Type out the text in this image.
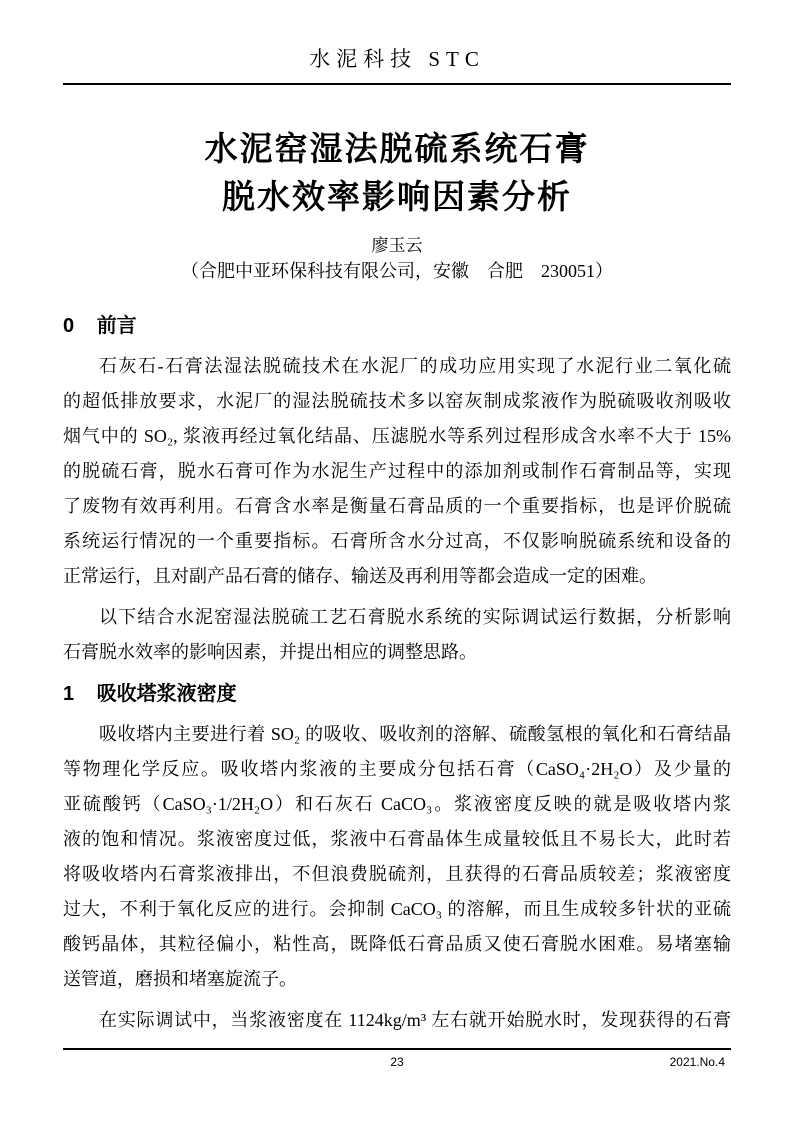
水泥科技 STC
水泥窑湿法脱硫系统石膏
脱水效率影响因素分析
廖玉云
（合肥中亚环保科技有限公司，安徽　合肥　230051）
0 前言
石灰石-石膏法湿法脱硫技术在水泥厂的成功应用实现了水泥行业二氧化硫
的超低排放要求，水泥厂的湿法脱硫技术多以窑灰制成浆液作为脱硫吸收剂吸收
烟气中的 SO₂, 浆液再经过氧化结晶、压滤脱水等系列过程形成含水率不大于 15%
的脱硫石膏，脱水石膏可作为水泥生产过程中的添加剂或制作石膏制品等，实现
了废物有效再利用。石膏含水率是衡量石膏品质的一个重要指标，也是评价脱硫
系统运行情况的一个重要指标。石膏所含水分过高，不仅影响脱硫系统和设备的
正常运行，且对副产品石膏的储存、输送及再利用等都会造成一定的困难。
以下结合水泥窑湿法脱硫工艺石膏脱水系统的实际调试运行数据，分析影响
石膏脱水效率的影响因素，并提出相应的调整思路。
1 吸收塔浆液密度
吸收塔内主要进行着 SO₂ 的吸收、吸收剂的溶解、硫酸氢根的氧化和石膏结晶
等物理化学反应。吸收塔内浆液的主要成分包括石膏（CaSO₄·2H₂O）及少量的
亚硫酸钙（CaSO₃·1/2H₂O）和石灰石 CaCO₃。浆液密度反映的就是吸收塔内浆
液的饱和情况。浆液密度过低，浆液中石膏晶体生成量较低且不易长大，此时若
将吸收塔内石膏浆液排出，不但浪费脱硫剂，且获得的石膏品质较差；浆液密度
过大，不利于氧化反应的进行。会抑制 CaCO₃ 的溶解，而且生成较多针状的亚硫
酸钙晶体，其粒径偏小，粘性高，既降低石膏品质又使石膏脱水困难。易堵塞输
送管道，磨损和堵塞旋流子。
在实际调试中，当浆液密度在 1124kg/m³ 左右就开始脱水时，发现获得的石膏
23	2021.No.4
